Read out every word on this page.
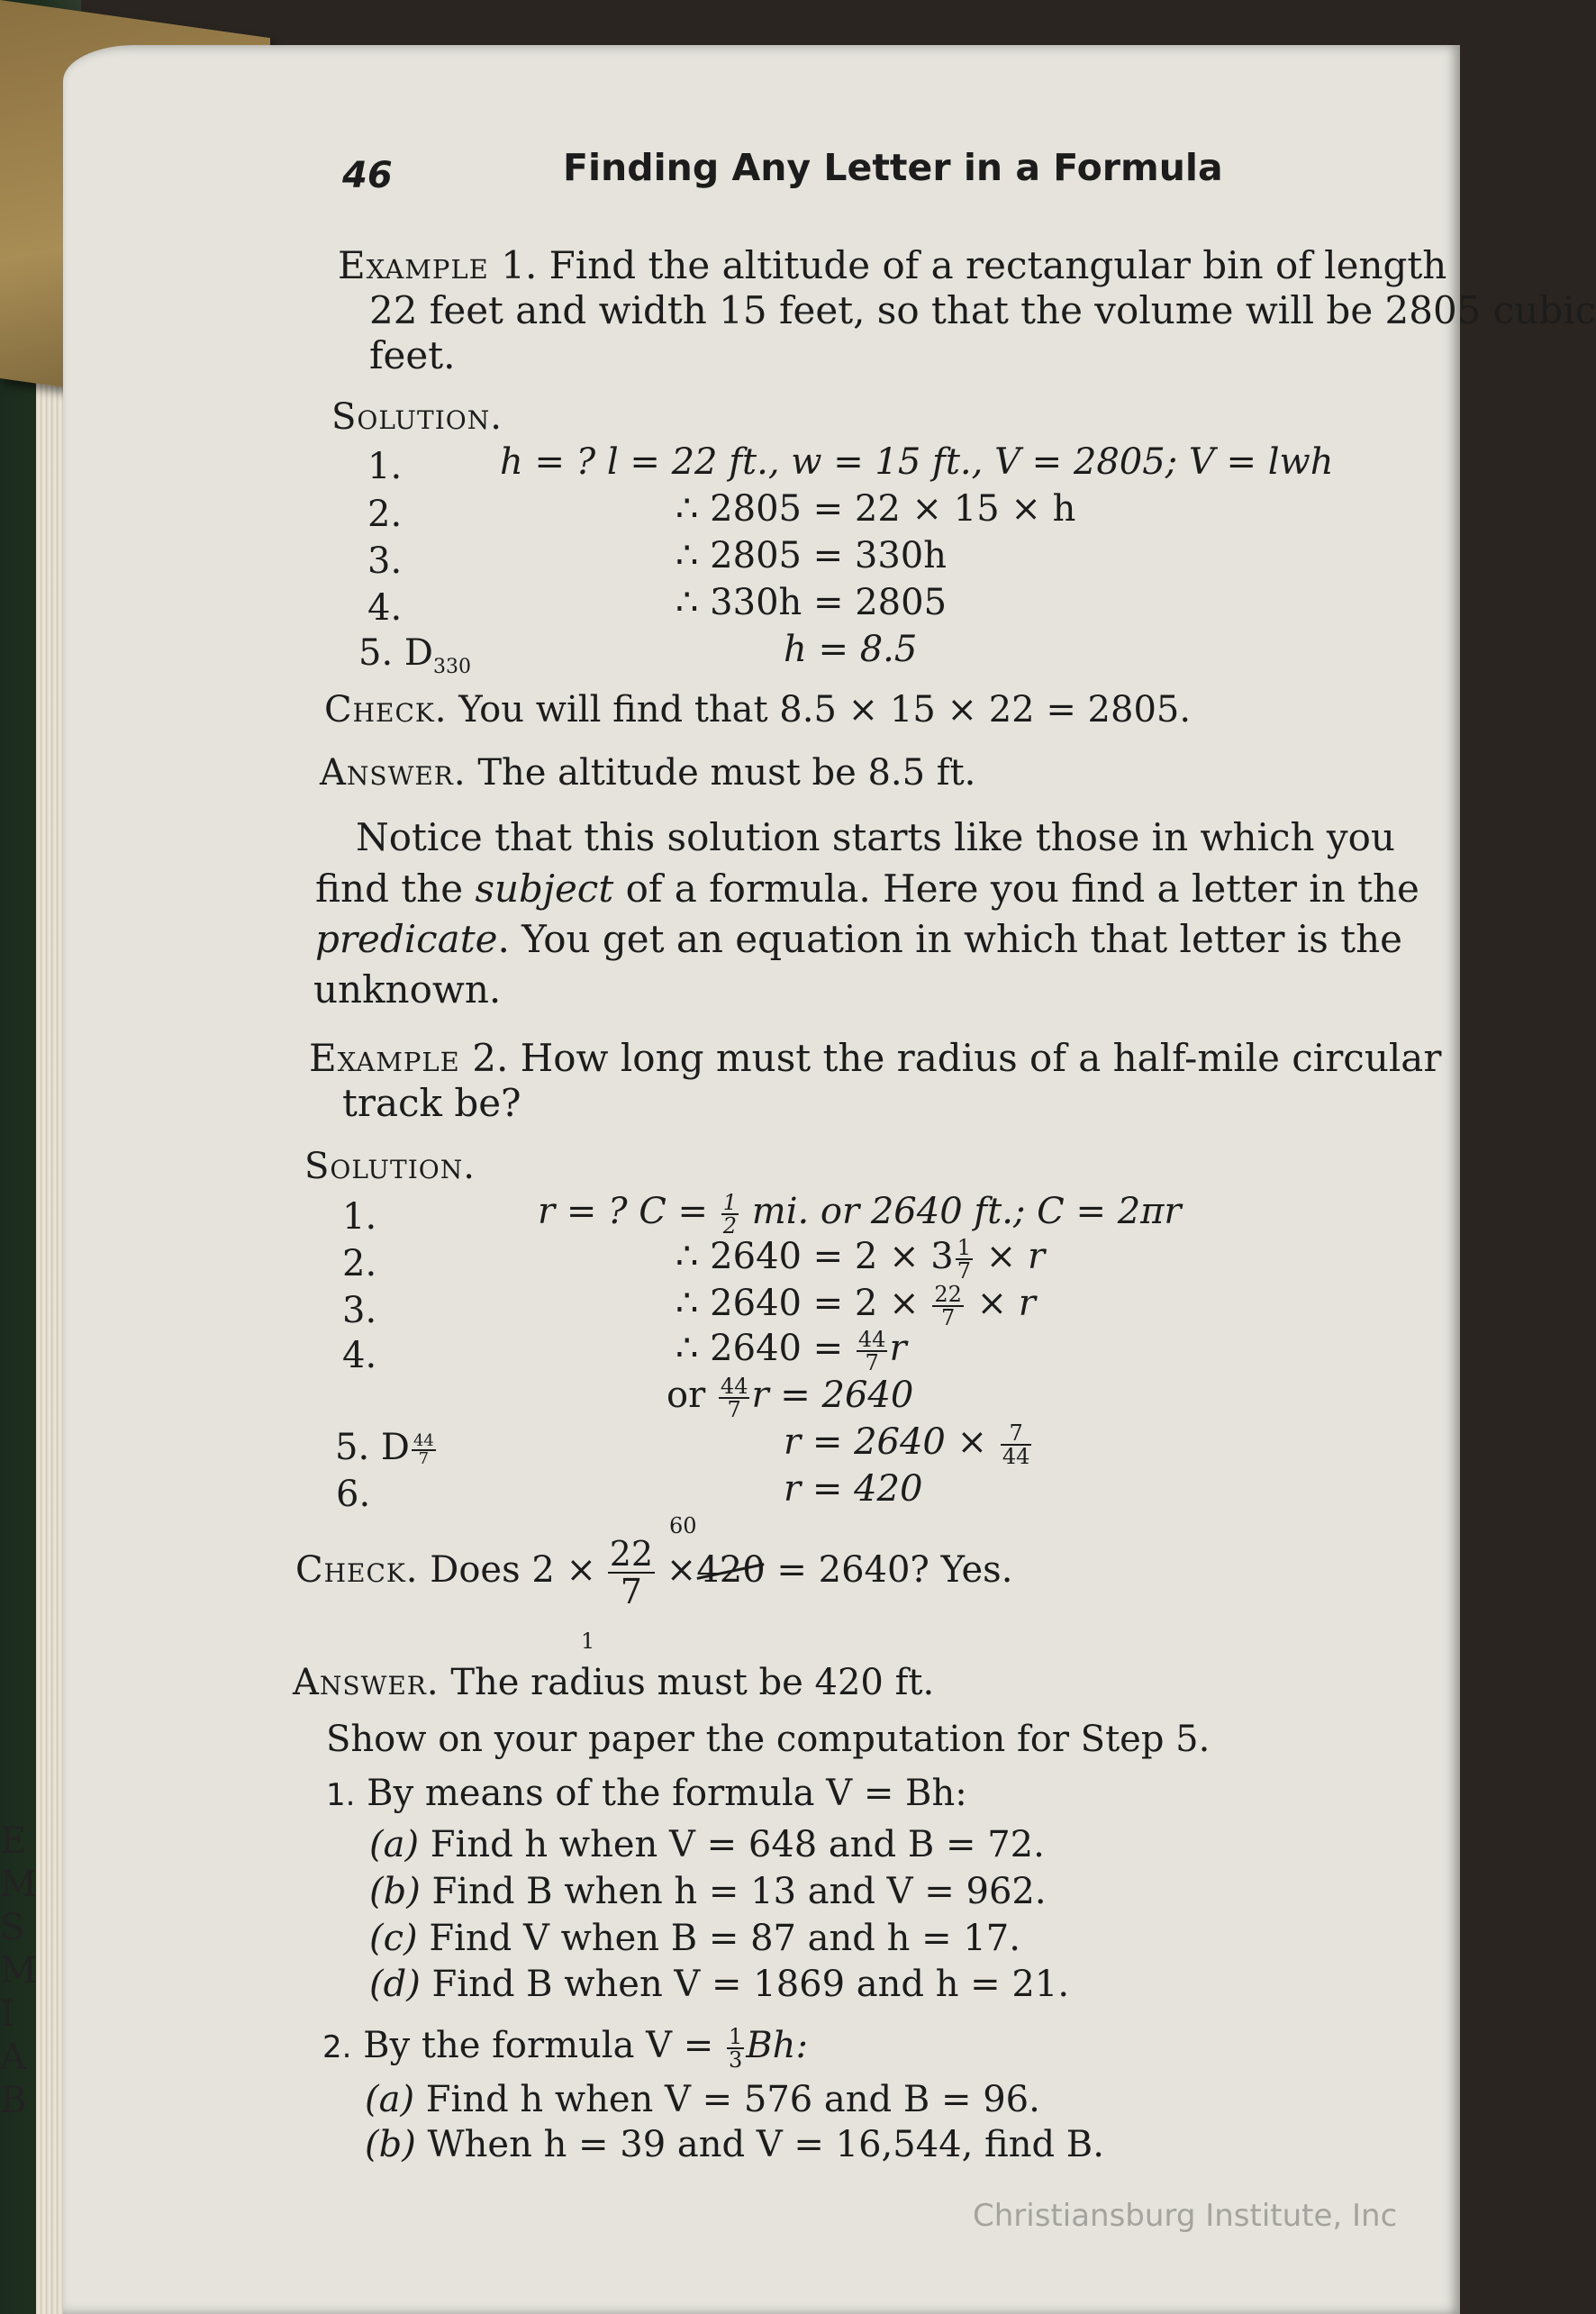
E
M
S
M
I
A
B
46	Finding Any Letter in a Formula
Example 1. Find the altitude of a rectangular bin of length
22 feet and width 15 feet, so that the volume will be 2805 cubic
feet.
Solution.
1.	h = ? l = 22 ft., w = 15 ft., V = 2805; V = lwh
2.	∴ 2805 = 22 × 15 × h
3.	∴ 2805 = 330h
4.	∴ 330h = 2805
5. $D_{330}$	h = 8.5
Check. You will find that 8.5 × 15 × 22 = 2805.
Answer. The altitude must be 8.5 ft.
Notice that this solution starts like those in which you
find the subject of a formula. Here you find a letter in the
predicate. You get an equation in which that letter is the
unknown.
Example 2. How long must the radius of a half-mile circular
track be?
Solution.
1.	r = ? $C = \frac{1}{2}$ mi. or 2640 ft.; C = 2πr
2.	∴ $2640 = 2 \times 3 \frac{1}{7} \times r$
3.	∴ $2640 = 2 \times \frac{22}{7} \times r$
4.	∴ $2640 = \frac{44}{7}$ r
or $\frac{44}{7}$ r = 2640
5. D $\frac{44}{7}$	$r = 2640 \times \frac{7}{44}$
6.	r = 420
Check. Does $2 \times \frac{22}{7} \times 420 = 2640$? Yes.
60
1
Answer. The radius must be 420 ft.
Show on your paper the computation for Step 5.
1. By means of the formula V = Bh:
(a) Find h when V = 648 and B = 72.
(b) Find B when h = 13 and V = 962.
(c) Find V when B = 87 and h = 17.
(d) Find B when V = 1869 and h = 21.
2. By the formula $V = \frac{1}{3} Bh$:
(a) Find h when V = 576 and B = 96.
(b) When h = 39 and V = 16,544, find B.
Christiansburg Institute, Inc
